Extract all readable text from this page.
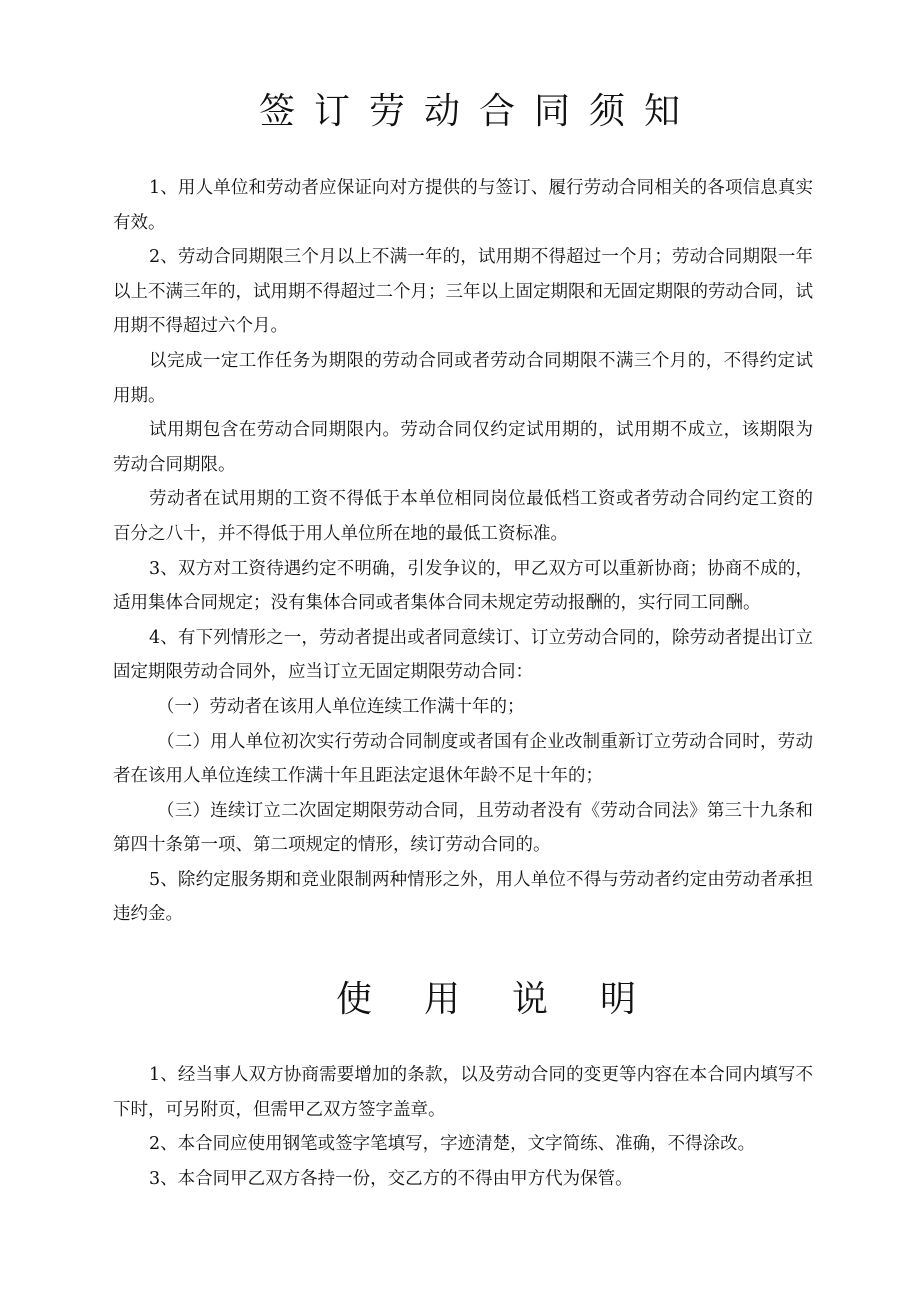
签订劳动合同须知

1、用人单位和劳动者应保证向对方提供的与签订、履行劳动合同相关的各项信息真实有效。

2、劳动合同期限三个月以上不满一年的，试用期不得超过一个月；劳动合同期限一年以上不满三年的，试用期不得超过二个月；三年以上固定期限和无固定期限的劳动合同，试用期不得超过六个月。

以完成一定工作任务为期限的劳动合同或者劳动合同期限不满三个月的，不得约定试用期。

试用期包含在劳动合同期限内。劳动合同仅约定试用期的，试用期不成立，该期限为劳动合同期限。

劳动者在试用期的工资不得低于本单位相同岗位最低档工资或者劳动合同约定工资的百分之八十，并不得低于用人单位所在地的最低工资标准。

3、双方对工资待遇约定不明确，引发争议的，甲乙双方可以重新协商；协商不成的，适用集体合同规定；没有集体合同或者集体合同未规定劳动报酬的，实行同工同酬。

4、有下列情形之一，劳动者提出或者同意续订、订立劳动合同的，除劳动者提出订立固定期限劳动合同外，应当订立无固定期限劳动合同：

（一）劳动者在该用人单位连续工作满十年的；

（二）用人单位初次实行劳动合同制度或者国有企业改制重新订立劳动合同时，劳动者在该用人单位连续工作满十年且距法定退休年龄不足十年的；

（三）连续订立二次固定期限劳动合同，且劳动者没有《劳动合同法》第三十九条和第四十条第一项、第二项规定的情形，续订劳动合同的。

5、除约定服务期和竞业限制两种情形之外，用人单位不得与劳动者约定由劳动者承担违约金。

使用说明

1、经当事人双方协商需要增加的条款，以及劳动合同的变更等内容在本合同内填写不下时，可另附页，但需甲乙双方签字盖章。

2、本合同应使用钢笔或签字笔填写，字迹清楚，文字简练、准确，不得涂改。

3、本合同甲乙双方各持一份，交乙方的不得由甲方代为保管。
